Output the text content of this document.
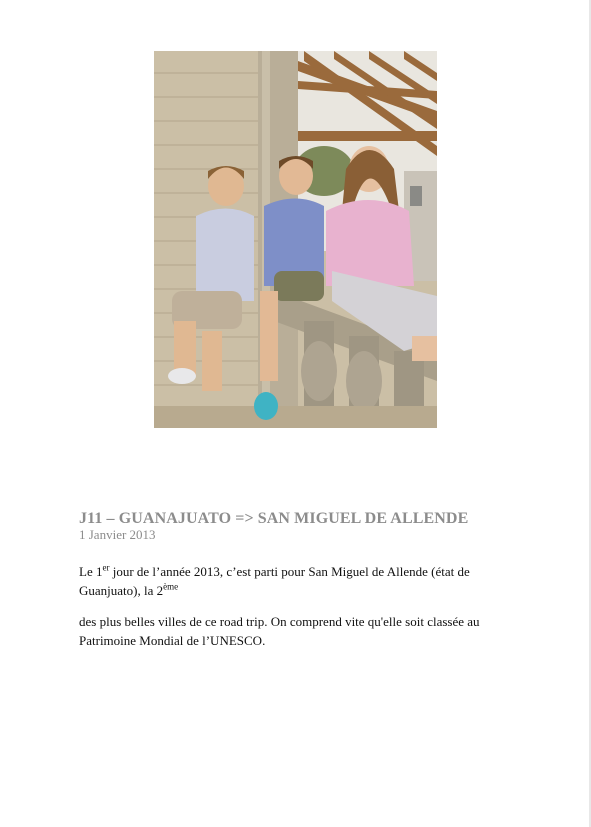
J11 – GUANAJUATO => SAN MIGUEL DE ALLENDE
1 Janvier 2013
Le 1er jour de l’année 2013, c’est parti pour San Miguel de Allende (état de Guanjuato), la 2ème
des plus belles villes de ce road trip. On comprend vite qu'elle soit classée au Patrimoine Mondial de l’UNESCO.
